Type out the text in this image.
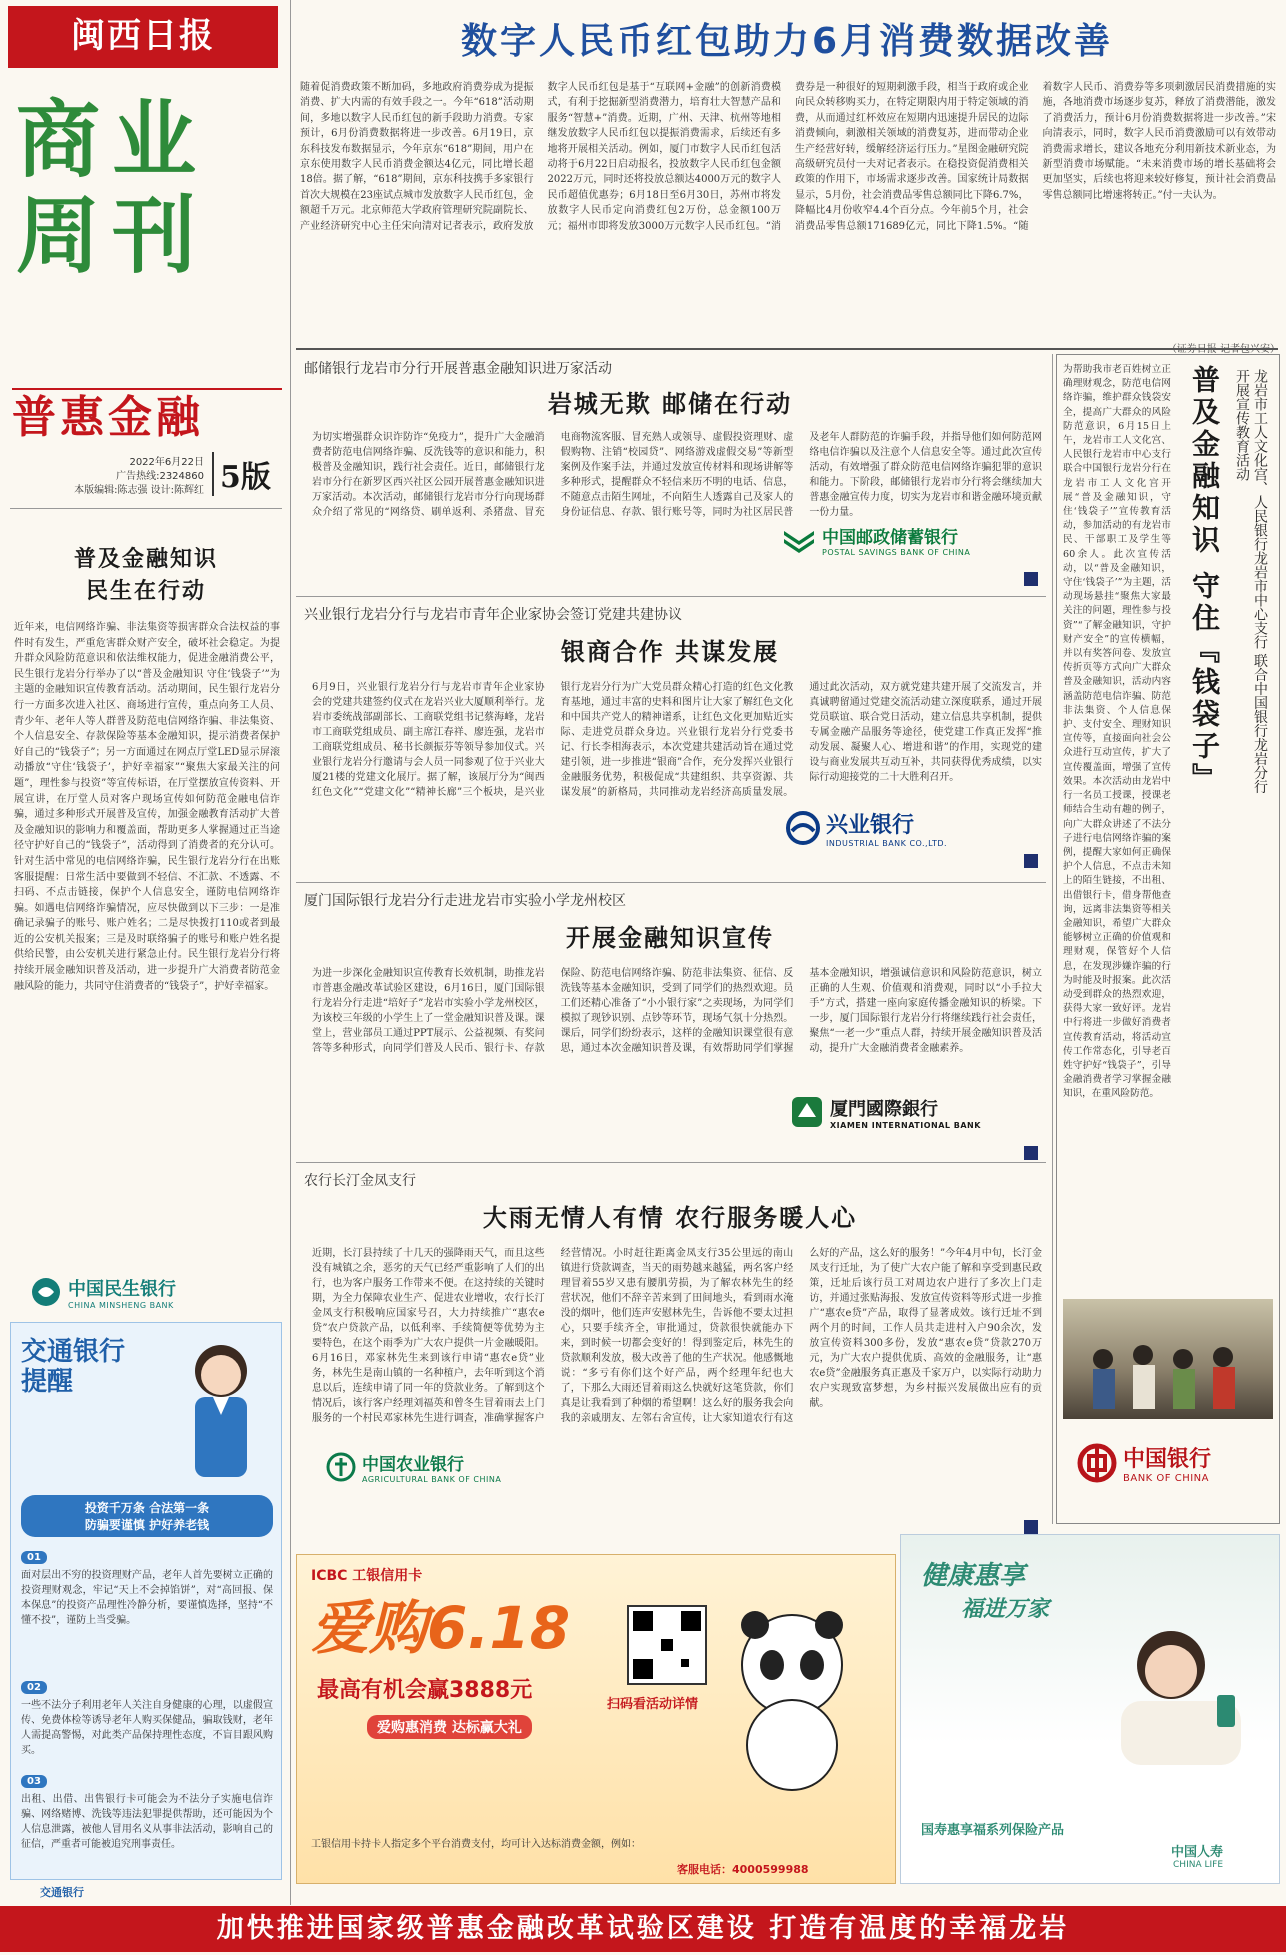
闽西日报
商业周刊
普惠金融
2022年6月22日
广告热线:2324860
本版编辑:陈志强 设计:陈辉红 5版
普及金融知识
民生在行动
近年来，电信网络诈骗、非法集资等损害群众合法权益的事件时有发生，严重危害群众财产安全，破坏社会稳定。为提升群众风险防范意识和依法维权能力，促进金融消费公平，民生银行龙岩分行举办了以“普及金融知识 守住‘钱袋子’”为主题的金融知识宣传教育活动。活动期间，民生银行龙岩分行一方面多次进入社区、商场进行宣传，重点向务工人员、青少年、老年人等人群普及防范电信网络诈骗、非法集资、个人信息安全、存款保险等基本金融知识，提示消费者保护好自己的“钱袋子”；另一方面通过在网点厅堂LED显示屏滚动播放“守住‘钱袋子’，护好幸福家”“聚焦大家最关注的问题”，理性参与投资”等宣传标语，在厅堂摆放宣传资料、开展宣讲，在厅堂人员对客户现场宣传如何防范金融电信诈骗，通过多种形式开展普及宣传，加强金融教育活动扩大普及金融知识的影响力和覆盖面，帮助更多人掌握通过正当途径守护好自己的“钱袋子”，活动得到了消费者的充分认可。针对生活中常见的电信网络诈骗，民生银行龙岩分行在出账客服提醒：日常生活中要做到不轻信、不汇款、不透露、不扫码、不点击链接，保护个人信息安全，谨防电信网络诈骗。如遇电信网络诈骗情况，应尽快做到以下三步：一是准确记录骗子的账号、账户姓名；二是尽快拨打110或者到最近的公安机关报案；三是及时联络骗子的账号和账户姓名提供给民警，由公安机关进行紧急止付。民生银行龙岩分行将持续开展金融知识普及活动，进一步提升广大消费者防范金融风险的能力，共同守住消费者的“钱袋子”，护好幸福家。
中国民生银行
CHINA MINSHENG BANK
交通银行
提醒
投资千万条 合法第一条
防骗要谨慎 护好养老钱
01
面对层出不穷的投资理财产品，老年人首先要树立正确的投资理财观念，牢记“天上不会掉馅饼”，对“高回报、保本保息”的投资产品理性冷静分析，要谨慎选择，坚持“不懂不投”，谨防上当受骗。
02
一些不法分子利用老年人关注自身健康的心理，以虚假宣传、免费体检等诱导老年人购买保健品，骗取钱财，老年人需提高警惕，对此类产品保持理性态度，不盲目跟风购买。
03
出租、出借、出售银行卡可能会为不法分子实施电信诈骗、网络赌博、洗钱等违法犯罪提供帮助，还可能因为个人信息泄露，被他人冒用名义从事非法活动，影响自己的征信，严重者可能被追究刑事责任。
交通银行
数字人民币红包助力6月消费数据改善
随着促消费政策不断加码，多地政府消费券成为提振消费、扩大内需的有效手段之一。今年“618”活动期间，多地以数字人民币红包的新手段助力消费。专家预计，6月份消费数据将进一步改善。6月19日，京东科技发布数据显示，今年京东“618”期间，用户在京东使用数字人民币消费金额达4亿元，同比增长超18倍。据了解，“618”期间，京东科技携手多家银行首次大规模在23座试点城市发放数字人民币红包，金额超千万元。北京师范大学政府管理研究院副院长、产业经济研究中心主任宋向清对记者表示，政府发放数字人民币红包是基于“互联网+金融”的创新消费模式，有利于挖掘新型消费潜力，培育壮大智慧产品和服务“智慧+”消费。近期，广州、天津、杭州等地相继发放数字人民币红包以提振消费需求，后续还有多地将开展相关活动。例如，厦门市数字人民币红包活动将于6月22日启动报名，投放数字人民币红包金额2022万元，同时还将投放总额达4000万元的数字人民币超值优惠券；6月18日至6月30日，苏州市将发放数字人民币定向消费红包2万份，总金额100万元；福州市即将发放3000万元数字人民币红包。“消费券是一种很好的短期刺激手段，相当于政府或企业向民众转移购买力，在特定期限内用于特定领域的消费，从而通过红杯效应在短期内迅速提升居民的边际消费倾向，刺激相关领域的消费复苏，进而带动企业生产经营好转，缓解经济运行压力。”星图金融研究院高级研究员付一夫对记者表示。在稳投资促消费相关政策的作用下，市场需求逐步改善。国家统计局数据显示，5月份，社会消费品零售总额同比下降6.7%，降幅比4月份收窄4.4个百分点。今年前5个月，社会消费品零售总额171689亿元，同比下降1.5%。“随着数字人民币、消费券等多项刺激居民消费措施的实施，各地消费市场逐步复苏，释放了消费潜能，激发了消费活力，预计6月份消费数据将进一步改善。”宋向清表示，同时，数字人民币消费激励可以有效带动消费需求增长，建议各地充分利用新技术新业态，为新型消费市场赋能。“未来消费市场的增长基础将会更加坚实，后续也将迎来较好修复，预计社会消费品零售总额同比增速将转正。”付一夫认为。
（证券日报 记者包兴安）
邮储银行龙岩市分行开展普惠金融知识进万家活动
岩城无欺 邮储在行动
为切实增强群众识诈防诈“免疫力”，提升广大金融消费者防范电信网络诈骗、反洗钱等的意识和能力，积极普及金融知识，践行社会责任。近日，邮储银行龙岩市分行在新罗区西兴社区公园开展普惠金融知识进万家活动。本次活动，邮储银行龙岩市分行向现场群众介绍了常见的“网络贷、刷单返利、杀猪盘、冒充电商物流客服、冒充熟人或领导、虚假投资理财、虚假购物、注销“校园贷”、网络游戏虚假交易”等新型案例及作案手法，并通过发放宣传材料和现场讲解等多种形式，提醒群众不轻信来历不明的电话、信息，不随意点击陌生网址，不向陌生人透露自己及家人的身份证信息、存款、银行账号等，同时为社区居民普及老年人群防范的诈骗手段，并指导他们如何防范网络电信诈骗以及注意个人信息安全等。通过此次宣传活动，有效增强了群众防范电信网络诈骗犯罪的意识和能力。下阶段，邮储银行龙岩市分行将会继续加大普惠金融宣传力度，切实为龙岩市和谐金融环境贡献一份力量。
中国邮政储蓄银行
POSTAL SAVINGS BANK OF CHINA
兴业银行龙岩分行与龙岩市青年企业家协会签订党建共建协议
银商合作 共谋发展
6月9日，兴业银行龙岩分行与龙岩市青年企业家协会的党建共建签约仪式在龙岩兴业大厦顺利举行。龙岩市委统战部副部长、工商联党组书记蔡海峰，龙岩市工商联党组成员、副主席江春祥、廖连强，龙岩市工商联党组成员、秘书长颜振芬等领导参加仪式。兴业银行龙岩分行邀请与会人员一同参观了位于兴业大厦21楼的党建文化展厅。据了解，该展厅分为“闽西红色文化”“党建文化”“精神长廊”三个板块，是兴业银行龙岩分行为广大党员群众精心打造的红色文化教育基地，通过丰富的史料和图片让大家了解红色文化和中国共产党人的精神谱系，让红色文化更加贴近实际、走进党员群众身边。兴业银行龙岩分行党委书记、行长李相海表示，本次党建共建活动旨在通过党建引领，进一步推进“银商”合作，充分发挥兴业银行金融服务优势，积极促成“共建组织、共享资源、共谋发展”的新格局，共同推动龙岩经济高质量发展。通过此次活动，双方就党建共建开展了交流发言，并真诚聘留通过党建交流活动建立深度联系，通过开展党员联谊、联合党日活动，建立信息共享机制，提供专属金融产品服务等途径，使党建工作真正发挥“推动发展、凝聚人心、增进和谐”的作用，实现党的建设与商业发展共互动互补，共同获得优秀成绩，以实际行动迎接党的二十大胜利召开。
兴业银行
INDUSTRIAL BANK CO.,LTD.
厦门国际银行龙岩分行走进龙岩市实验小学龙州校区
开展金融知识宣传
为进一步深化金融知识宣传教育长效机制，助推龙岩市普惠金融改革试验区建设，6月16日，厦门国际银行龙岩分行走进“培好子”龙岩市实验小学龙州校区，为该校三年级的小学生上了一堂金融知识普及课。课堂上，营业部员工通过PPT展示、公益视频、有奖问答等多种形式，向同学们普及人民币、银行卡、存款保险、防范电信网络诈骗、防范非法集资、征信、反洗钱等基本金融知识，受到了同学们的热烈欢迎。员工们还精心准备了“小小银行家”之卖现场，为同学们模拟了现钞识别、点钞等环节，现场气氛十分热烈。课后，同学们纷纷表示，这样的金融知识课堂很有意思，通过本次金融知识普及课，有效帮助同学们掌握基本金融知识，增强诚信意识和风险防范意识，树立正确的人生观、价值观和消费观，同时以“小手拉大手”方式，搭建一座向家庭传播金融知识的桥梁。下一步，厦门国际银行龙岩分行将继续践行社会责任，聚焦“一老一少”重点人群，持续开展金融知识普及活动，提升广大金融消费者金融素养。
厦門國際銀行
XIAMEN INTERNATIONAL BANK
农行长汀金凤支行
大雨无情人有情 农行服务暖人心
近期，长汀县持续了十几天的强降雨天气，而且这些没有城镇之余，恶劣的天气已经严重影响了人们的出行，也为客户服务工作带来不便。在这持续的关键时期，为全力保障农业生产、促进农业增收，农行长汀金凤支行积极响应国家号召，大力持续推广“惠农e贷”农户贷款产品，以低利率、手续简便等优势为主要特色，在这个雨季为广大农户提供一片金融暖阳。6月16日，邓家林先生来到该行申请“惠农e贷”业务，林先生是南山镇的一名种植户，去年听到这个消息以后，连续申请了同一年的贷款业务。了解到这个情况后，该行客户经理刘福英和曾冬生冒着雨去上门服务的一个村民邓家林先生进行调查，准确掌握客户经营情况。小时赶往距离金凤支行35公里远的南山镇进行贷款调查，当天的雨势越来越猛，两名客户经理冒着55岁又患有腰肌劳损，为了解农林先生的经营状况，他们不辞辛苦来到了田间地头，看到雨水淹没的烟叶，他们连声安慰林先生，告诉他不要太过担心，只要手续齐全，审批通过，贷款很快就能办下来，到时候一切都会变好的！得到鉴定后，林先生的贷款顺利发放，极大改善了他的生产状况。他感慨地说：“多亏有你们这个好产品，两个经理年纪也大了，下那么大雨还冒着雨这么快就好这笔贷款，你们真是让我看到了种烟的希望啊！这么好的服务我会向我的亲戚朋友、左邻右舍宣传，让大家知道农行有这么好的产品，这么好的服务！”今年4月中旬，长汀金凤支行迁址，为了使广大农户能了解和享受到惠民政策，迁址后该行员工对周边农户进行了多次上门走访，并通过张贴海报、发放宣传资料等形式进一步推广“惠农e贷”产品，取得了显著成效。该行迁址不到两个月的时间，工作人员共走进村入户90余次，发放宣传资料300多份，发放“惠农e贷”贷款270万元，为广大农户提供优质、高效的金融服务，让“惠农e贷”金融服务真正惠及千家万户，以实际行动助力农户实现致富梦想，为乡村振兴发展做出应有的贡献。
中国农业银行
AGRICULTURAL BANK OF CHINA
龙岩市工人文化宫、人民银行龙岩市中心支行 联合中国银行龙岩分行开展宣传教育活动
普及金融知识 守住『钱袋子』
为帮助我市老百姓树立正确理财观念，防范电信网络诈骗，维护群众钱袋安全，提高广大群众的风险防范意识，6月15日上午，龙岩市工人文化宫、人民银行龙岩市中心支行联合中国银行龙岩分行在龙岩市工人文化宫开展“普及金融知识，守住‘钱袋子’”宣传教育活动，参加活动的有龙岩市民、干部职工及学生等60余人。此次宣传活动，以“普及金融知识，守住‘钱袋子’”为主题，活动现场悬挂“聚焦大家最关注的问题，理性参与投资”“了解金融知识，守护财产安全”的宣传横幅，并以有奖答问卷、发放宣传折页等方式向广大群众普及金融知识，活动内容涵盖防范电信诈骗、防范非法集资、个人信息保护、支付安全、理财知识宣传等，直接面向社会公众进行互动宣传，扩大了宣传覆盖面，增强了宣传效果。本次活动由龙岩中行一名员工授课，授课老师结合生动有趣的例子，向广大群众讲述了不法分子进行电信网络诈骗的案例，提醒大家如何正确保护个人信息，不点击未知上的陌生链接，不出租、出借银行卡，借身帮他查询，远离非法集资等相关金融知识，希望广大群众能够树立正确的价值观和理财观，保管好个人信息，在发现涉嫌诈骗的行为时能及时报案。此次活动受到群众的热烈欢迎，获得大家一致好评。龙岩中行将进一步做好消费者宣传教育活动，将活动宣传工作常态化，引导老百姓守护好“钱袋子”，引导金融消费者学习掌握金融知识，在重风险防范。
中国银行
BANK OF CHINA
ICBC 工银信用卡
爱购6.18
最高有机会赢3888元
爱购惠消费 达标赢大礼
扫码看活动详情
工银信用卡持卡人指定多个平台消费支付，均可计入达标消费金额，例如：
客服电话：4000599988
健康惠享
福进万家
国寿惠享福系列保险产品
中国人寿
CHINA LIFE
加快推进国家级普惠金融改革试验区建设 打造有温度的幸福龙岩
